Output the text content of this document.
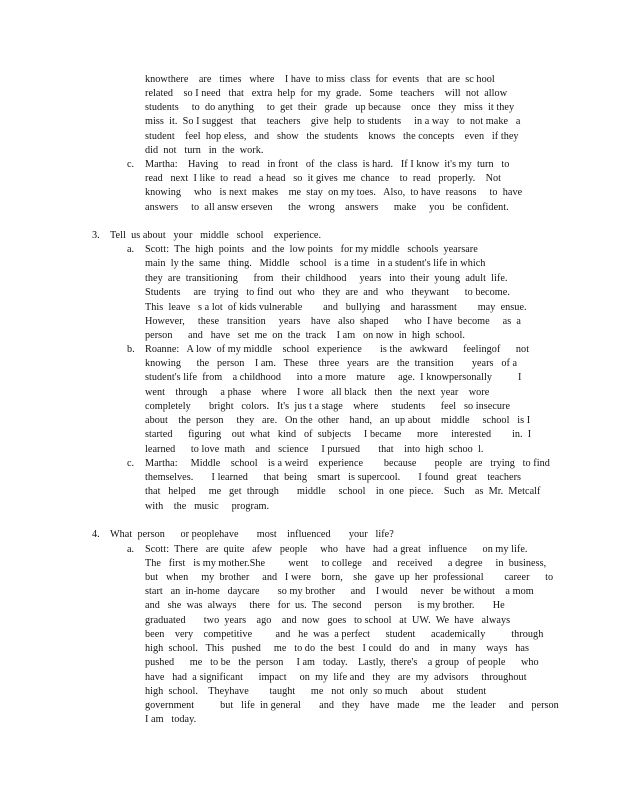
knowthere    are   times   where    I have  to miss  class  for  events   that  are  sc hool
related    so I need   that   extra  help  for  my  grade.   Some   teachers    will  not  allow
students     to  do anything     to  get  their   grade   up because    once   they   miss  it they
miss  it.  So I suggest   that    teachers    give  help  to students     in a way   to  not make   a
student    feel  hop eless,   and   show   the  students    knows   the concepts    even   if they
did  not   turn   in  the  work.
c. Martha:    Having    to  read   in front   of  the  class  is hard.   If I know  it's my  turn   to
read   next  I like  to  read   a head   so  it gives  me  chance    to  read   properly.    Not
knowing     who   is next  makes    me  stay  on my toes.   Also,  to have  reasons     to  have
answers     to  all answ erseven      the   wrong    answers      make     you   be  confident.
3. Tell  us about   your   middle   school    experience.
a. Scott:  The  high  points   and  the  low points   for my middle   schools  yearsare
main  ly the  same   thing.   Middle    school   is a time   in a student's life in which
they  are  transitioning      from   their  childhood     years   into  their  young  adult  life.
Students     are   trying   to find  out  who   they  are  and   who   theywant      to become.
This  leave   s a lot  of kids vulnerable        and   bullying    and  harassment        may  ensue.
However,     these   transition     years    have   also  shaped      who  I have  become     as  a
person      and   have   set  me  on  the  track    I am   on now  in  high  school.
b. Roanne:   A low  of my middle    school   experience       is the   awkward      feelingof      not
knowing      the   person    I am.   These    three   years   are   the  transition       years   of a
student's life  from    a childhood      into  a more    mature     age.  I knowpersonally          I
went    through     a phase    where    I wore   all black   then   the  next  year    wore
completely       bright   colors.   It's  jus t a stage    where     students      feel   so insecure
about    the  person     they   are.   On the  other    hand,   an  up about    middle     school   is I
started      figuring    out  what   kind   of  subjects     I became      more     interested        in.  I
learned      to love  math    and   science     I pursued       that    into  high  schoo  l.
c. Martha:     Middle    school    is a weird    experience        because       people   are   trying   to find
themselves.       I learned      that  being    smart   is supercool.       I found   great    teachers
that   helped     me   get  through       middle     school    in  one  piece.    Such    as  Mr.  Metcalf
with    the   music     program.
4. What  person      or peoplehave       most    influenced       your   life?
a. Scott:  There   are  quite   afew   people     who   have   had  a great   influence      on my life.
The   first   is my mother.She         went     to college    and    received      a degree     in  business,
but   when     my  brother     and   I were    born,    she   gave  up  her  professional        career      to
start   an  in-home   daycare       so my brother      and    I would     never   be without    a mom
and   she  was  always     there   for  us.  The  second     person      is my brother.       He
graduated       two  years    ago    and  now   goes   to school   at  UW.  We  have   always
been    very    competitive         and   he  was  a perfect      student      academically          through
high  school.   This   pushed     me   to do  the  best   I could   do  and    in  many    ways   has
pushed      me   to be   the  person     I am   today.    Lastly,  there's    a group   of people      who
have   had  a significant      impact     on  my  life and   they   are  my  advisors     throughout
high  school.    Theyhave        taught      me   not  only  so much     about     student
government          but   life  in general       and   they    have   made     me   the  leader     and   person
I am   today.
